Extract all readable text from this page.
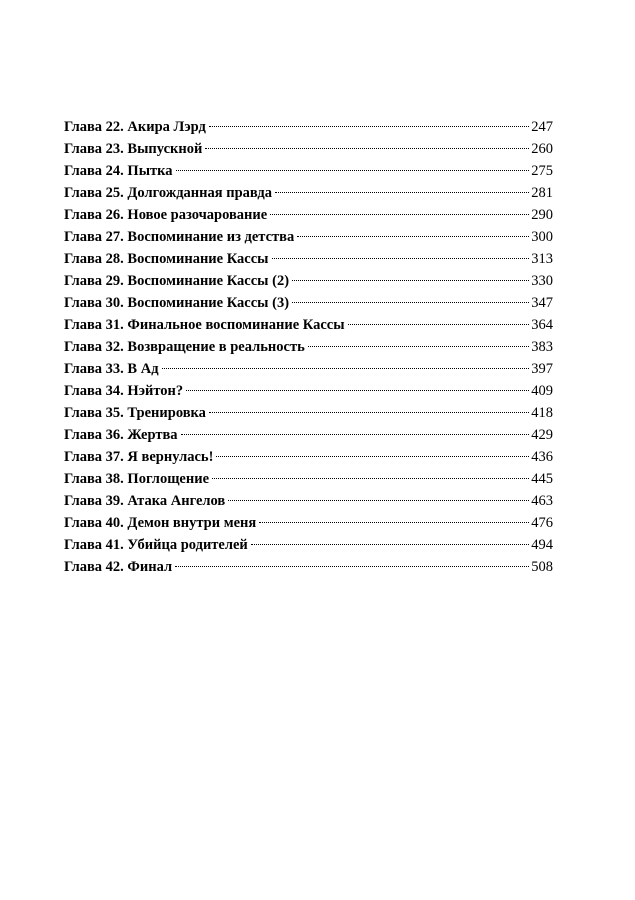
Глава 22. Акира Лэрд	247
Глава 23. Выпускной	260
Глава 24. Пытка	275
Глава 25. Долгожданная правда	281
Глава 26. Новое разочарование	290
Глава 27. Воспоминание из детства	300
Глава 28. Воспоминание Кассы	313
Глава 29. Воспоминание Кассы (2)	330
Глава 30. Воспоминание Кассы (3)	347
Глава 31. Финальное воспоминание Кассы	364
Глава 32. Возвращение в реальность	383
Глава 33. В Ад	397
Глава 34. Нэйтон?	409
Глава 35. Тренировка	418
Глава 36. Жертва	429
Глава 37. Я вернулась!	436
Глава 38. Поглощение	445
Глава 39. Атака Ангелов	463
Глава 40. Демон внутри меня	476
Глава 41. Убийца родителей	494
Глава 42. Финал	508
